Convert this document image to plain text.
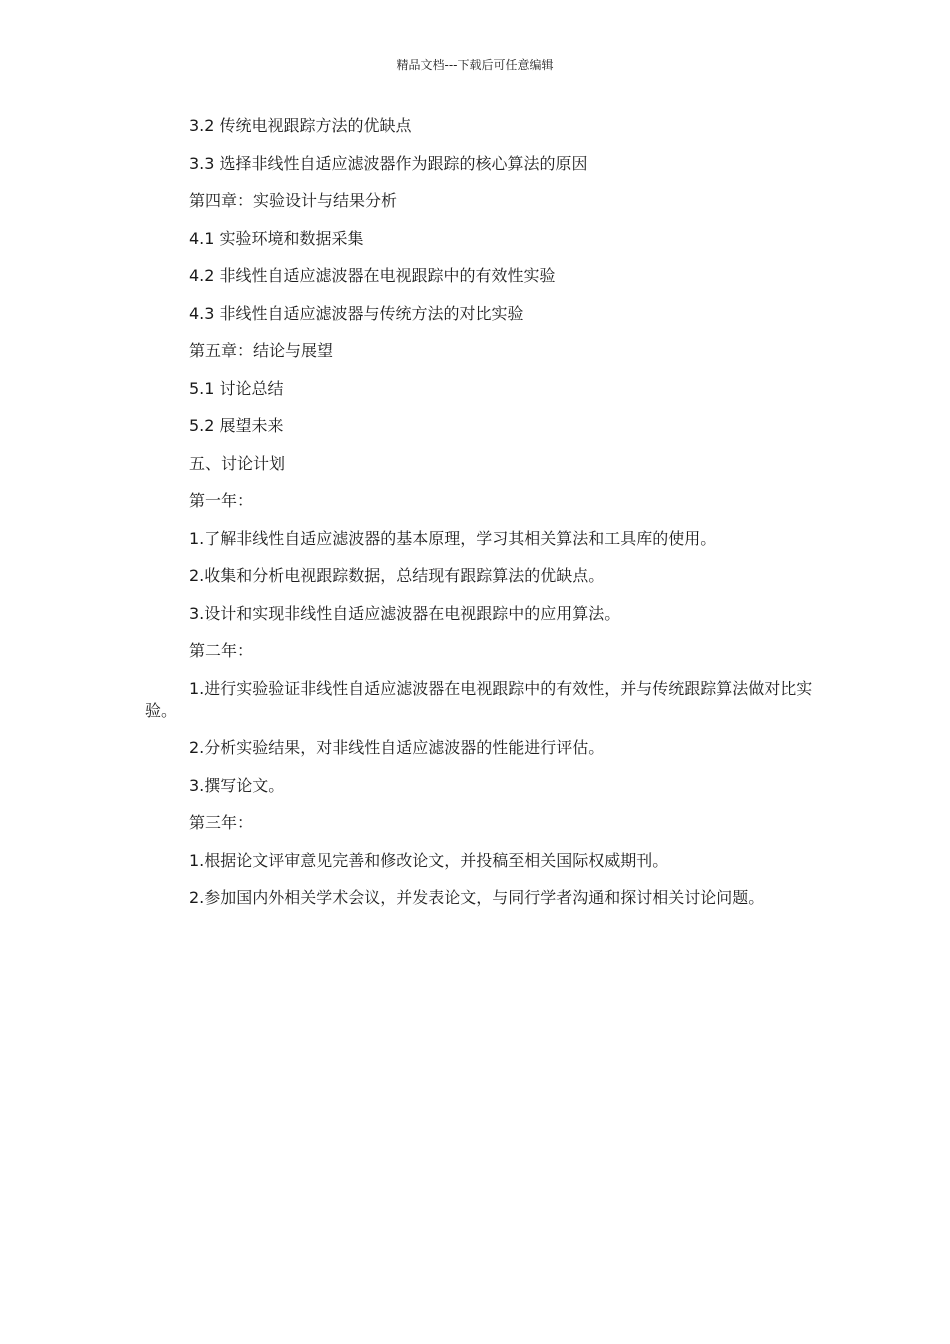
精品文档---下载后可任意编辑

3.2 传统电视跟踪方法的优缺点

3.3 选择非线性自适应滤波器作为跟踪的核心算法的原因

第四章：实验设计与结果分析

4.1 实验环境和数据采集

4.2 非线性自适应滤波器在电视跟踪中的有效性实验

4.3 非线性自适应滤波器与传统方法的对比实验

第五章：结论与展望

5.1 讨论总结

5.2 展望未来

五、讨论计划

第一年：

1.了解非线性自适应滤波器的基本原理，学习其相关算法和工具库的使用。

2.收集和分析电视跟踪数据，总结现有跟踪算法的优缺点。

3.设计和实现非线性自适应滤波器在电视跟踪中的应用算法。

第二年：

1.进行实验验证非线性自适应滤波器在电视跟踪中的有效性，并与传统跟踪算法做对比实验。

2.分析实验结果，对非线性自适应滤波器的性能进行评估。

3.撰写论文。

第三年：

1.根据论文评审意见完善和修改论文，并投稿至相关国际权威期刊。

2.参加国内外相关学术会议，并发表论文，与同行学者沟通和探讨相关讨论问题。
